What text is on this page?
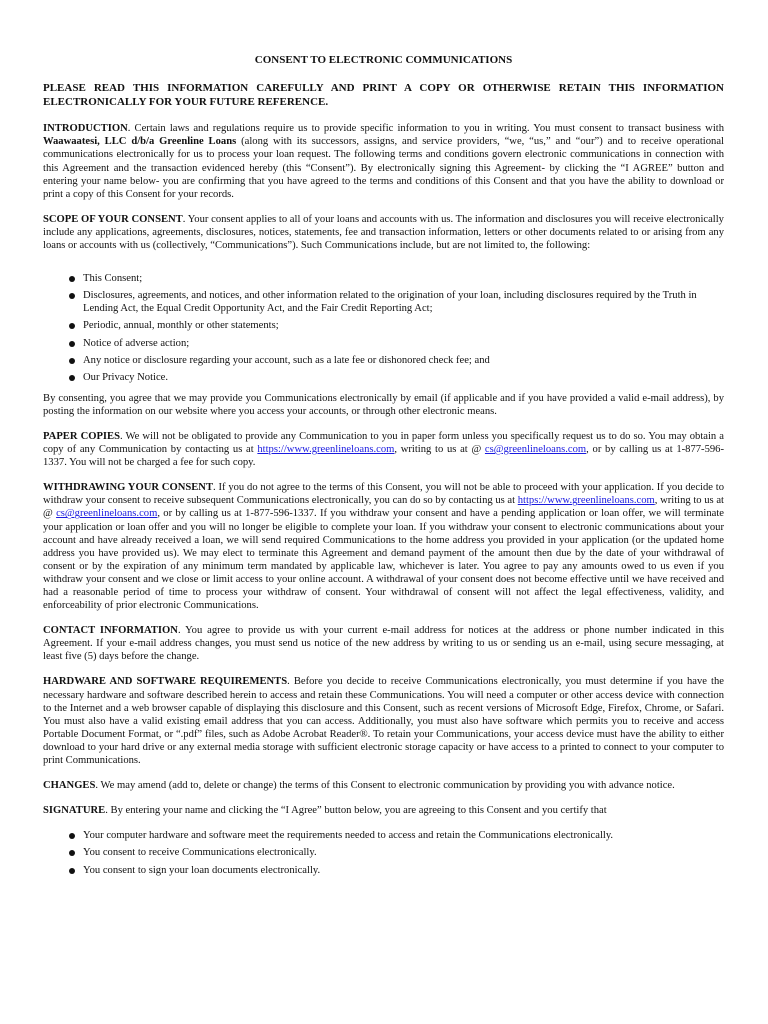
CONSENT TO ELECTRONIC COMMUNICATIONS
PLEASE READ THIS INFORMATION CAREFULLY AND PRINT A COPY OR OTHERWISE RETAIN THIS INFORMATION ELECTRONICALLY FOR YOUR FUTURE REFERENCE.

INTRODUCTION. Certain laws and regulations require us to provide specific information to you in writing. You must consent to transact business with Waawaatesi, LLC d/b/a Greenline Loans (along with its successors, assigns, and service providers, “we, “us,” and “our”) and to receive operational communications electronically for us to process your loan request. The following terms and conditions govern electronic communications in connection with this Agreement and the transaction evidenced hereby (this “Consent”). By electronically signing this Agreement- by clicking the “I AGREE” button and entering your name below- you are confirming that you have agreed to the terms and conditions of this Consent and that you have the ability to download or print a copy of this Consent for your records.

SCOPE OF YOUR CONSENT. Your consent applies to all of your loans and accounts with us. The information and disclosures you will receive electronically include any applications, agreements, disclosures, notices, statements, fee and transaction information, letters or other documents related to or arising from any loans or accounts with us (collectively, “Communications”). Such Communications include, but are not limited to, the following:

This Consent;
Disclosures, agreements, and notices, and other information related to the origination of your loan, including disclosures required by the Truth in Lending Act, the Equal Credit Opportunity Act, and the Fair Credit Reporting Act;
Periodic, annual, monthly or other statements;
Notice of adverse action;
Any notice or disclosure regarding your account, such as a late fee or dishonored check fee; and
Our Privacy Notice.

By consenting, you agree that we may provide you Communications electronically by email (if applicable and if you have provided a valid e-mail address), by posting the information on our website where you access your accounts, or through other electronic means.

PAPER COPIES. We will not be obligated to provide any Communication to you in paper form unless you specifically request us to do so. You may obtain a copy of any Communication by contacting us at https://www.greenlineloans.com, writing to us at @ cs@greenlineloans.com, or by calling us at 1-877-596-1337. You will not be charged a fee for such copy.

WITHDRAWING YOUR CONSENT. If you do not agree to the terms of this Consent, you will not be able to proceed with your application. If you decide to withdraw your consent to receive subsequent Communications electronically, you can do so by contacting us at https://www.greenlineloans.com, writing to us at @ cs@greenlineloans.com, or by calling us at 1-877-596-1337. If you withdraw your consent and have a pending application or loan offer, we will terminate your application or loan offer and you will no longer be eligible to complete your loan. If you withdraw your consent to electronic communications about your account and have already received a loan, we will send required Communications to the home address you provided in your application (or the updated home address you have provided us). We may elect to terminate this Agreement and demand payment of the amount then due by the date of your withdrawal of consent or by the expiration of any minimum term mandated by applicable law, whichever is later. You agree to pay any amounts owed to us even if you withdraw your consent and we close or limit access to your online account. A withdrawal of your consent does not become effective until we have received and had a reasonable period of time to process your withdraw of consent. Your withdrawal of consent will not affect the legal effectiveness, validity, and enforceability of prior electronic Communications.

CONTACT INFORMATION. You agree to provide us with your current e-mail address for notices at the address or phone number indicated in this Agreement. If your e-mail address changes, you must send us notice of the new address by writing to us or sending us an e-mail, using secure messaging, at least five (5) days before the change.

HARDWARE AND SOFTWARE REQUIREMENTS. Before you decide to receive Communications electronically, you must determine if you have the necessary hardware and software described herein to access and retain these Communications. You will need a computer or other access device with connection to the Internet and a web browser capable of displaying this disclosure and this Consent, such as recent versions of Microsoft Edge, Firefox, Chrome, or Safari. You must also have a valid existing email address that you can access. Additionally, you must also have software which permits you to receive and access Portable Document Format, or “.pdf” files, such as Adobe Acrobat Reader®. To retain your Communications, your access device must have the ability to either download to your hard drive or any external media storage with sufficient electronic storage capacity or have access to a printed to connect to your computer to print Communications.

CHANGES. We may amend (add to, delete or change) the terms of this Consent to electronic communication by providing you with advance notice.

SIGNATURE. By entering your name and clicking the “I Agree” button below, you are agreeing to this Consent and you certify that

Your computer hardware and software meet the requirements needed to access and retain the Communications electronically.
You consent to receive Communications electronically.
You consent to sign your loan documents electronically.
